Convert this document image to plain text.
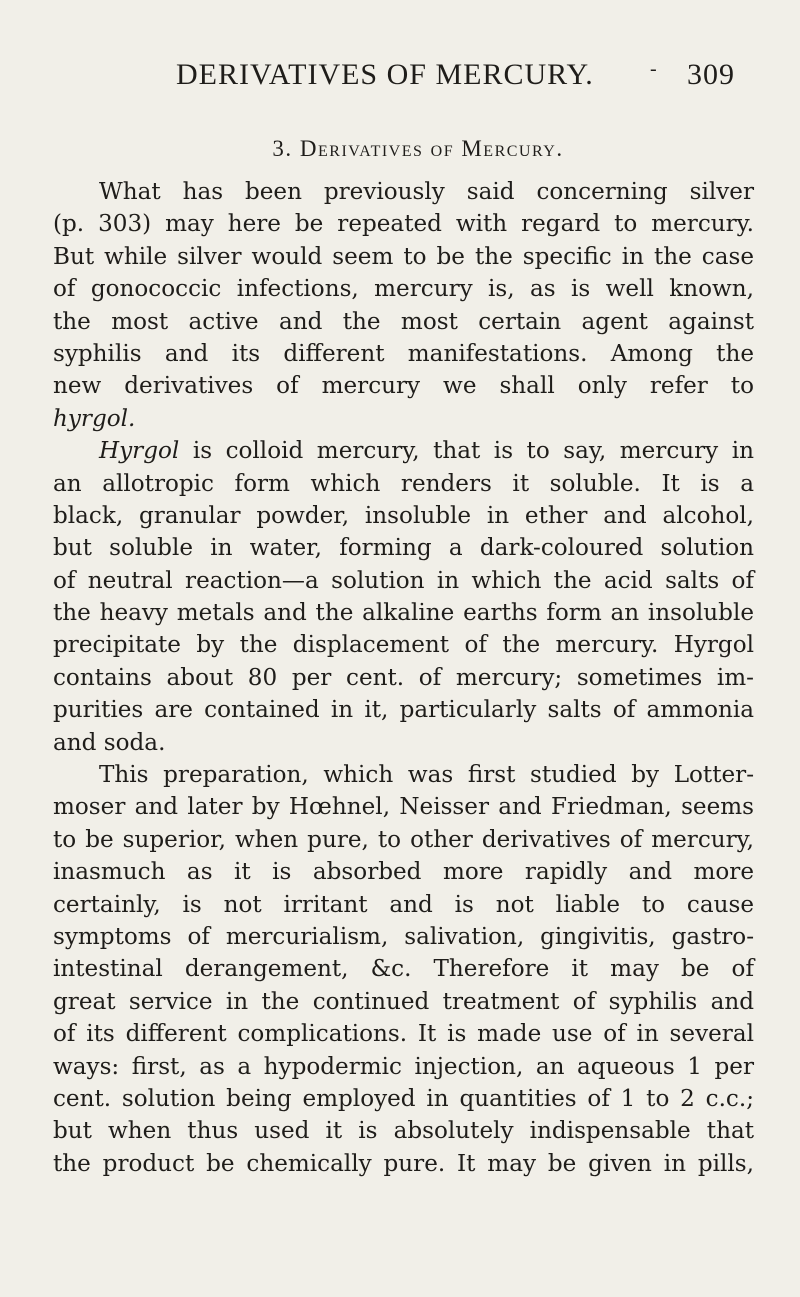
DERIVATIVES OF MERCURY.	- 309
3. Derivatives of Mercury.
What has been previously said concerning silver
(p. 303) may here be repeated with regard to mercury.
But while silver would seem to be the specific in the case
of gonococcic infections, mercury is, as is well known,
the most active and the most certain agent against
syphilis and its different manifestations. Among the
new derivatives of mercury we shall only refer to
hyrgol.
Hyrgol is colloid mercury, that is to say, mercury in
an allotropic form which renders it soluble. It is a
black, granular powder, insoluble in ether and alcohol,
but soluble in water, forming a dark-coloured solution
of neutral reaction—a solution in which the acid salts of
the heavy metals and the alkaline earths form an insoluble
precipitate by the displacement of the mercury. Hyrgol
contains about 80 per cent. of mercury; sometimes im-
purities are contained in it, particularly salts of ammonia
and soda.
This preparation, which was first studied by Lotter-
moser and later by Hœhnel, Neisser and Friedman, seems
to be superior, when pure, to other derivatives of mercury,
inasmuch as it is absorbed more rapidly and more
certainly, is not irritant and is not liable to cause
symptoms of mercurialism, salivation, gingivitis, gastro-
intestinal derangement, &c. Therefore it may be of
great service in the continued treatment of syphilis and
of its different complications. It is made use of in several
ways: first, as a hypodermic injection, an aqueous 1 per
cent. solution being employed in quantities of 1 to 2 c.c.;
but when thus used it is absolutely indispensable that
the product be chemically pure. It may be given in pills,
